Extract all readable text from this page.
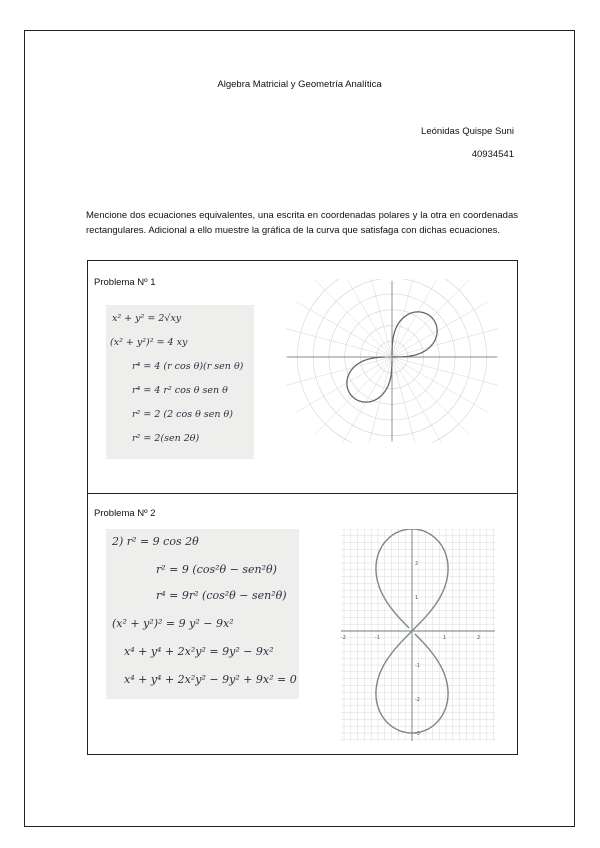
Algebra Matricial y Geometría Analítica
Leónidas Quispe Suni
40934541
Mencione dos ecuaciones equivalentes, una escrita en coordenadas polares y la otra en coordenadas rectangulares. Adicional a ello muestre la gráfica de la curva que satisfaga con dichas ecuaciones.
Problema Nº 1
x² + y² = 2√xy
(x² + y²)² = 4 xy
r⁴ = 4 (r cos θ)(r sen θ)
r⁴ = 4 r² cos θ sen θ
r² = 2 (2 cos θ sen θ)
r² = 2(sen 2θ)
Problema Nº 2
2) r² = 9 cos 2θ
r² = 9 (cos²θ − sen²θ)
r⁴ = 9r² (cos²θ − sen²θ)
(x² + y²)² = 9 y² − 9x²
x⁴ + y⁴ + 2x²y² = 9y² − 9x²
x⁴ + y⁴ + 2x²y² − 9y² + 9x² = 0
-2	-1	1	2
2
1
-1
-2
-3
